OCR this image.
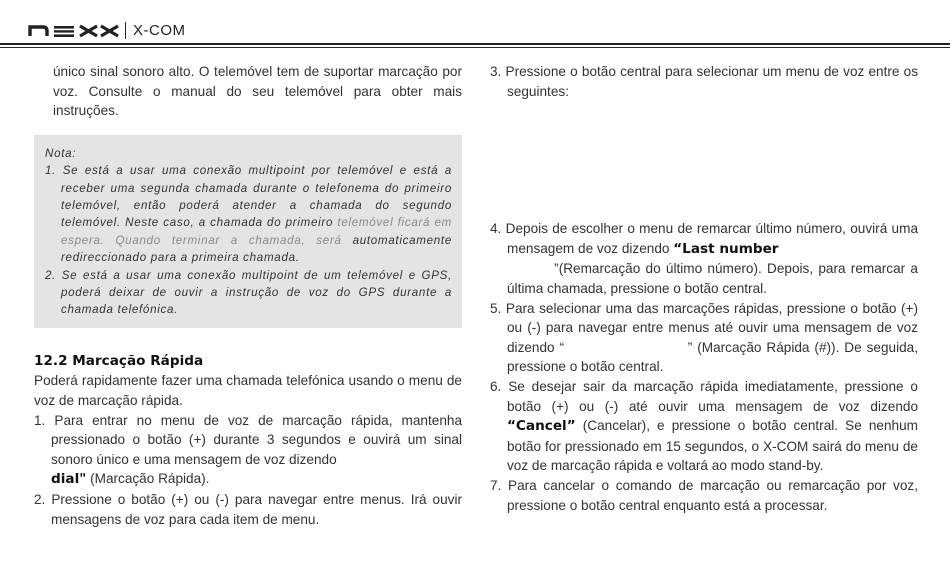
X-COM

único sinal sonoro alto. O telemóvel tem de suportar marcação por voz. Consulte o manual do seu telemóvel para obter mais instruções.

Nota:
1. Se está a usar uma conexão multipoint por telemóvel e está a receber uma segunda chamada durante o telefonema do primeiro telemóvel, então poderá atender a chamada do segundo telemóvel. Neste caso, a chamada do primeiro telemóvel ficará em espera. Quando terminar a chamada, será automaticamente redireccionado para a primeira chamada.
2. Se está a usar uma conexão multipoint de um telemóvel e GPS, poderá deixar de ouvir a instrução de voz do GPS durante a chamada telefónica.
12.2 Marcação Rápida

Poderá rapidamente fazer uma chamada telefónica usando o menu de voz de marcação rápida.

1. Para entrar no menu de voz de marcação rápida, mantenha pressionado o botão (+) durante 3 segundos e ouvirá um sinal sonoro único e uma mensagem de voz dizendo
dial" (Marcação Rápida).

2. Pressione o botão (+) ou (-) para navegar entre menus. Irá ouvir mensagens de voz para cada item de menu.

3. Pressione o botão central para selecionar um menu de voz entre os seguintes:

4. Depois de escolher o menu de remarcar último número, ouvirá uma mensagem de voz dizendo “Last number
”(Remarcação do último número). Depois, para remarcar a última chamada, pressione o botão central.

5. Para selecionar uma das marcações rápidas, pressione o botão (+) ou (-) para navegar entre menus até ouvir uma mensagem de voz dizendo “	” (Marcação Rápida (#)). De seguida, pressione o botão central.

6. Se desejar sair da marcação rápida imediatamente, pressione o botão (+) ou (-) até ouvir uma mensagem de voz dizendo “Cancel” (Cancelar), e pressione o botão central. Se nenhum botão for pressionado em 15 segundos, o X-COM sairá do menu de voz de marcação rápida e voltará ao modo stand-by.

7. Para cancelar o comando de marcação ou remarcação por voz, pressione o botão central enquanto está a processar.
